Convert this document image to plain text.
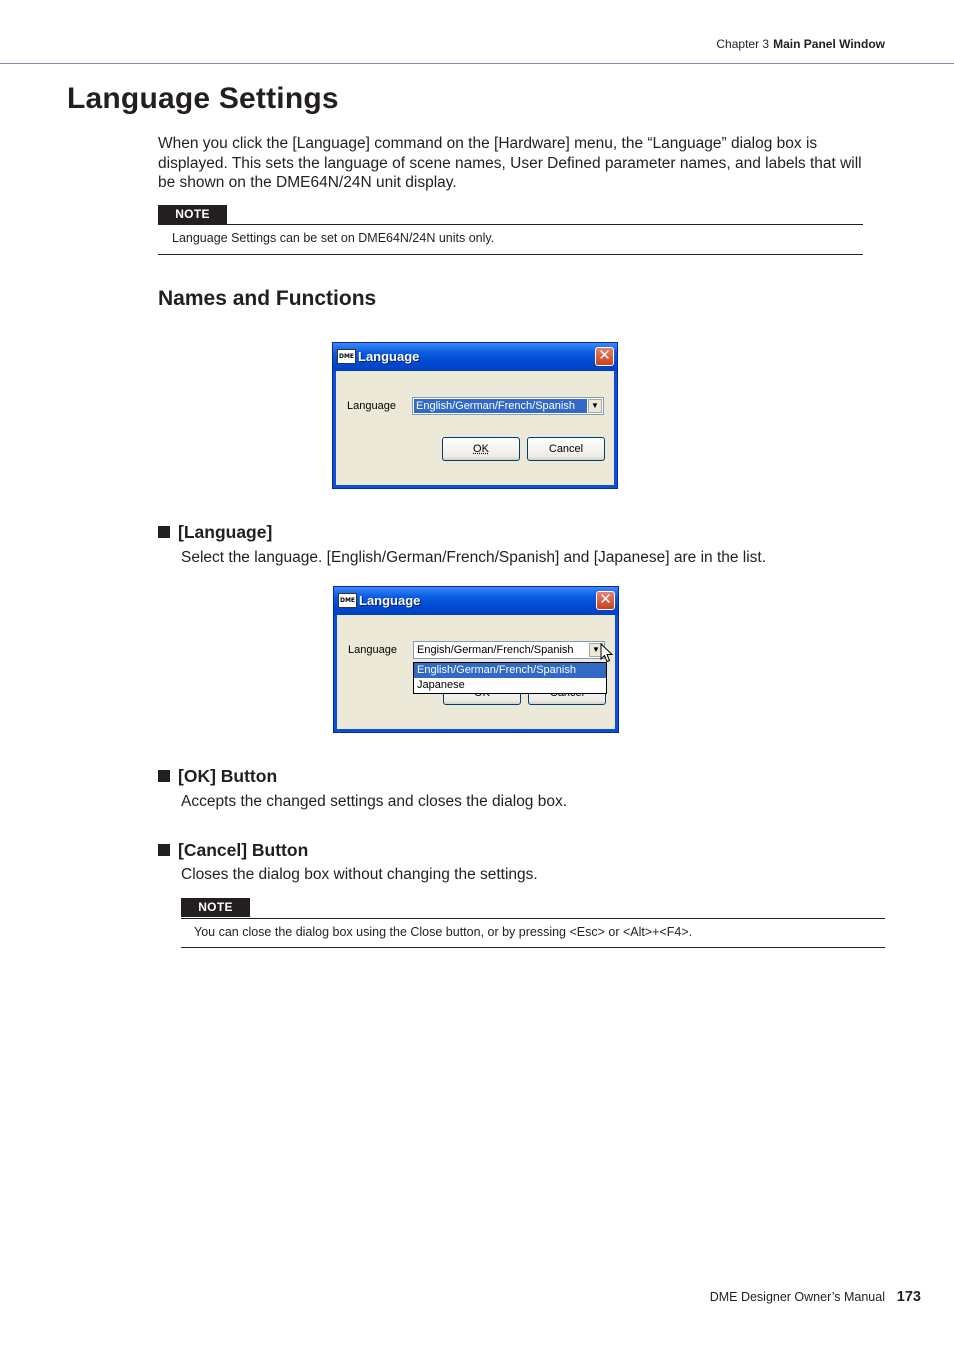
Chapter 3 Main Panel Window
Language Settings

When you click the [Language] command on the [Hardware] menu, the “Language” dialog box is displayed. This sets the language of scene names, User Defined parameter names, and labels that will be shown on the DME64N/24N unit display.

NOTE
Language Settings can be set on DME64N/24N units only.
Names and Functions
DME Language	✕
Language English/German/French/Spanish	▼
OK	Cancel
[Language]

Select the language. [English/German/French/Spanish] and [Japanese] are in the list.

DME Language	✕
Language Engish/German/French/Spanish	▼
English/German/French/Spanish
Japanese
[OK] Button

Accepts the changed settings and closes the dialog box.

[Cancel] Button

Closes the dialog box without changing the settings.

NOTE
You can close the dialog box using the Close button, or by pressing <Esc> or <Alt>+<F4>.
DME Designer Owner’s Manual 173
